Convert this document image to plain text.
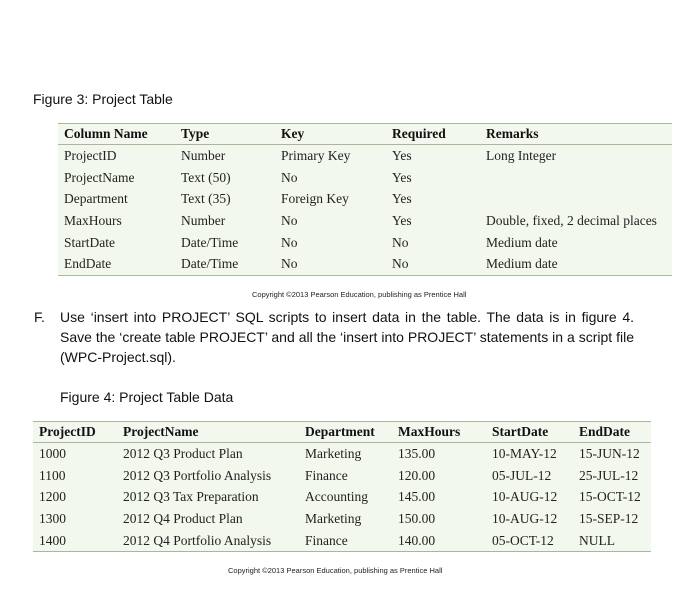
Figure 3: Project Table
Column Name	Type	Key	Required	Remarks
ProjectID	Number	Primary Key	Yes	Long Integer
ProjectName	Text (50)	No	Yes	
Department	Text (35)	Foreign Key	Yes	
MaxHours	Number	No	Yes	Double, fixed, 2 decimal places
StartDate	Date/Time	No	No	Medium date
EndDate	Date/Time	No	No	Medium date
Copyright ©2013 Pearson Education, publishing as Prentice Hall
F. Use ‘insert into PROJECT’ SQL scripts to insert data in the table. The data is in figure 4. Save the ‘create table PROJECT’ and all the ‘insert into PROJECT’ statements in a script file (WPC-Project.sql).
Figure 4: Project Table Data
ProjectID	ProjectName	Department	MaxHours	StartDate	EndDate
1000	2012 Q3 Product Plan	Marketing	135.00	10-MAY-12	15-JUN-12
1100	2012 Q3 Portfolio Analysis	Finance	120.00	05-JUL-12	25-JUL-12
1200	2012 Q3 Tax Preparation	Accounting	145.00	10-AUG-12	15-OCT-12
1300	2012 Q4 Product Plan	Marketing	150.00	10-AUG-12	15-SEP-12
1400	2012 Q4 Portfolio Analysis	Finance	140.00	05-OCT-12	NULL
Copyright ©2013 Pearson Education, publishing as Prentice Hall
